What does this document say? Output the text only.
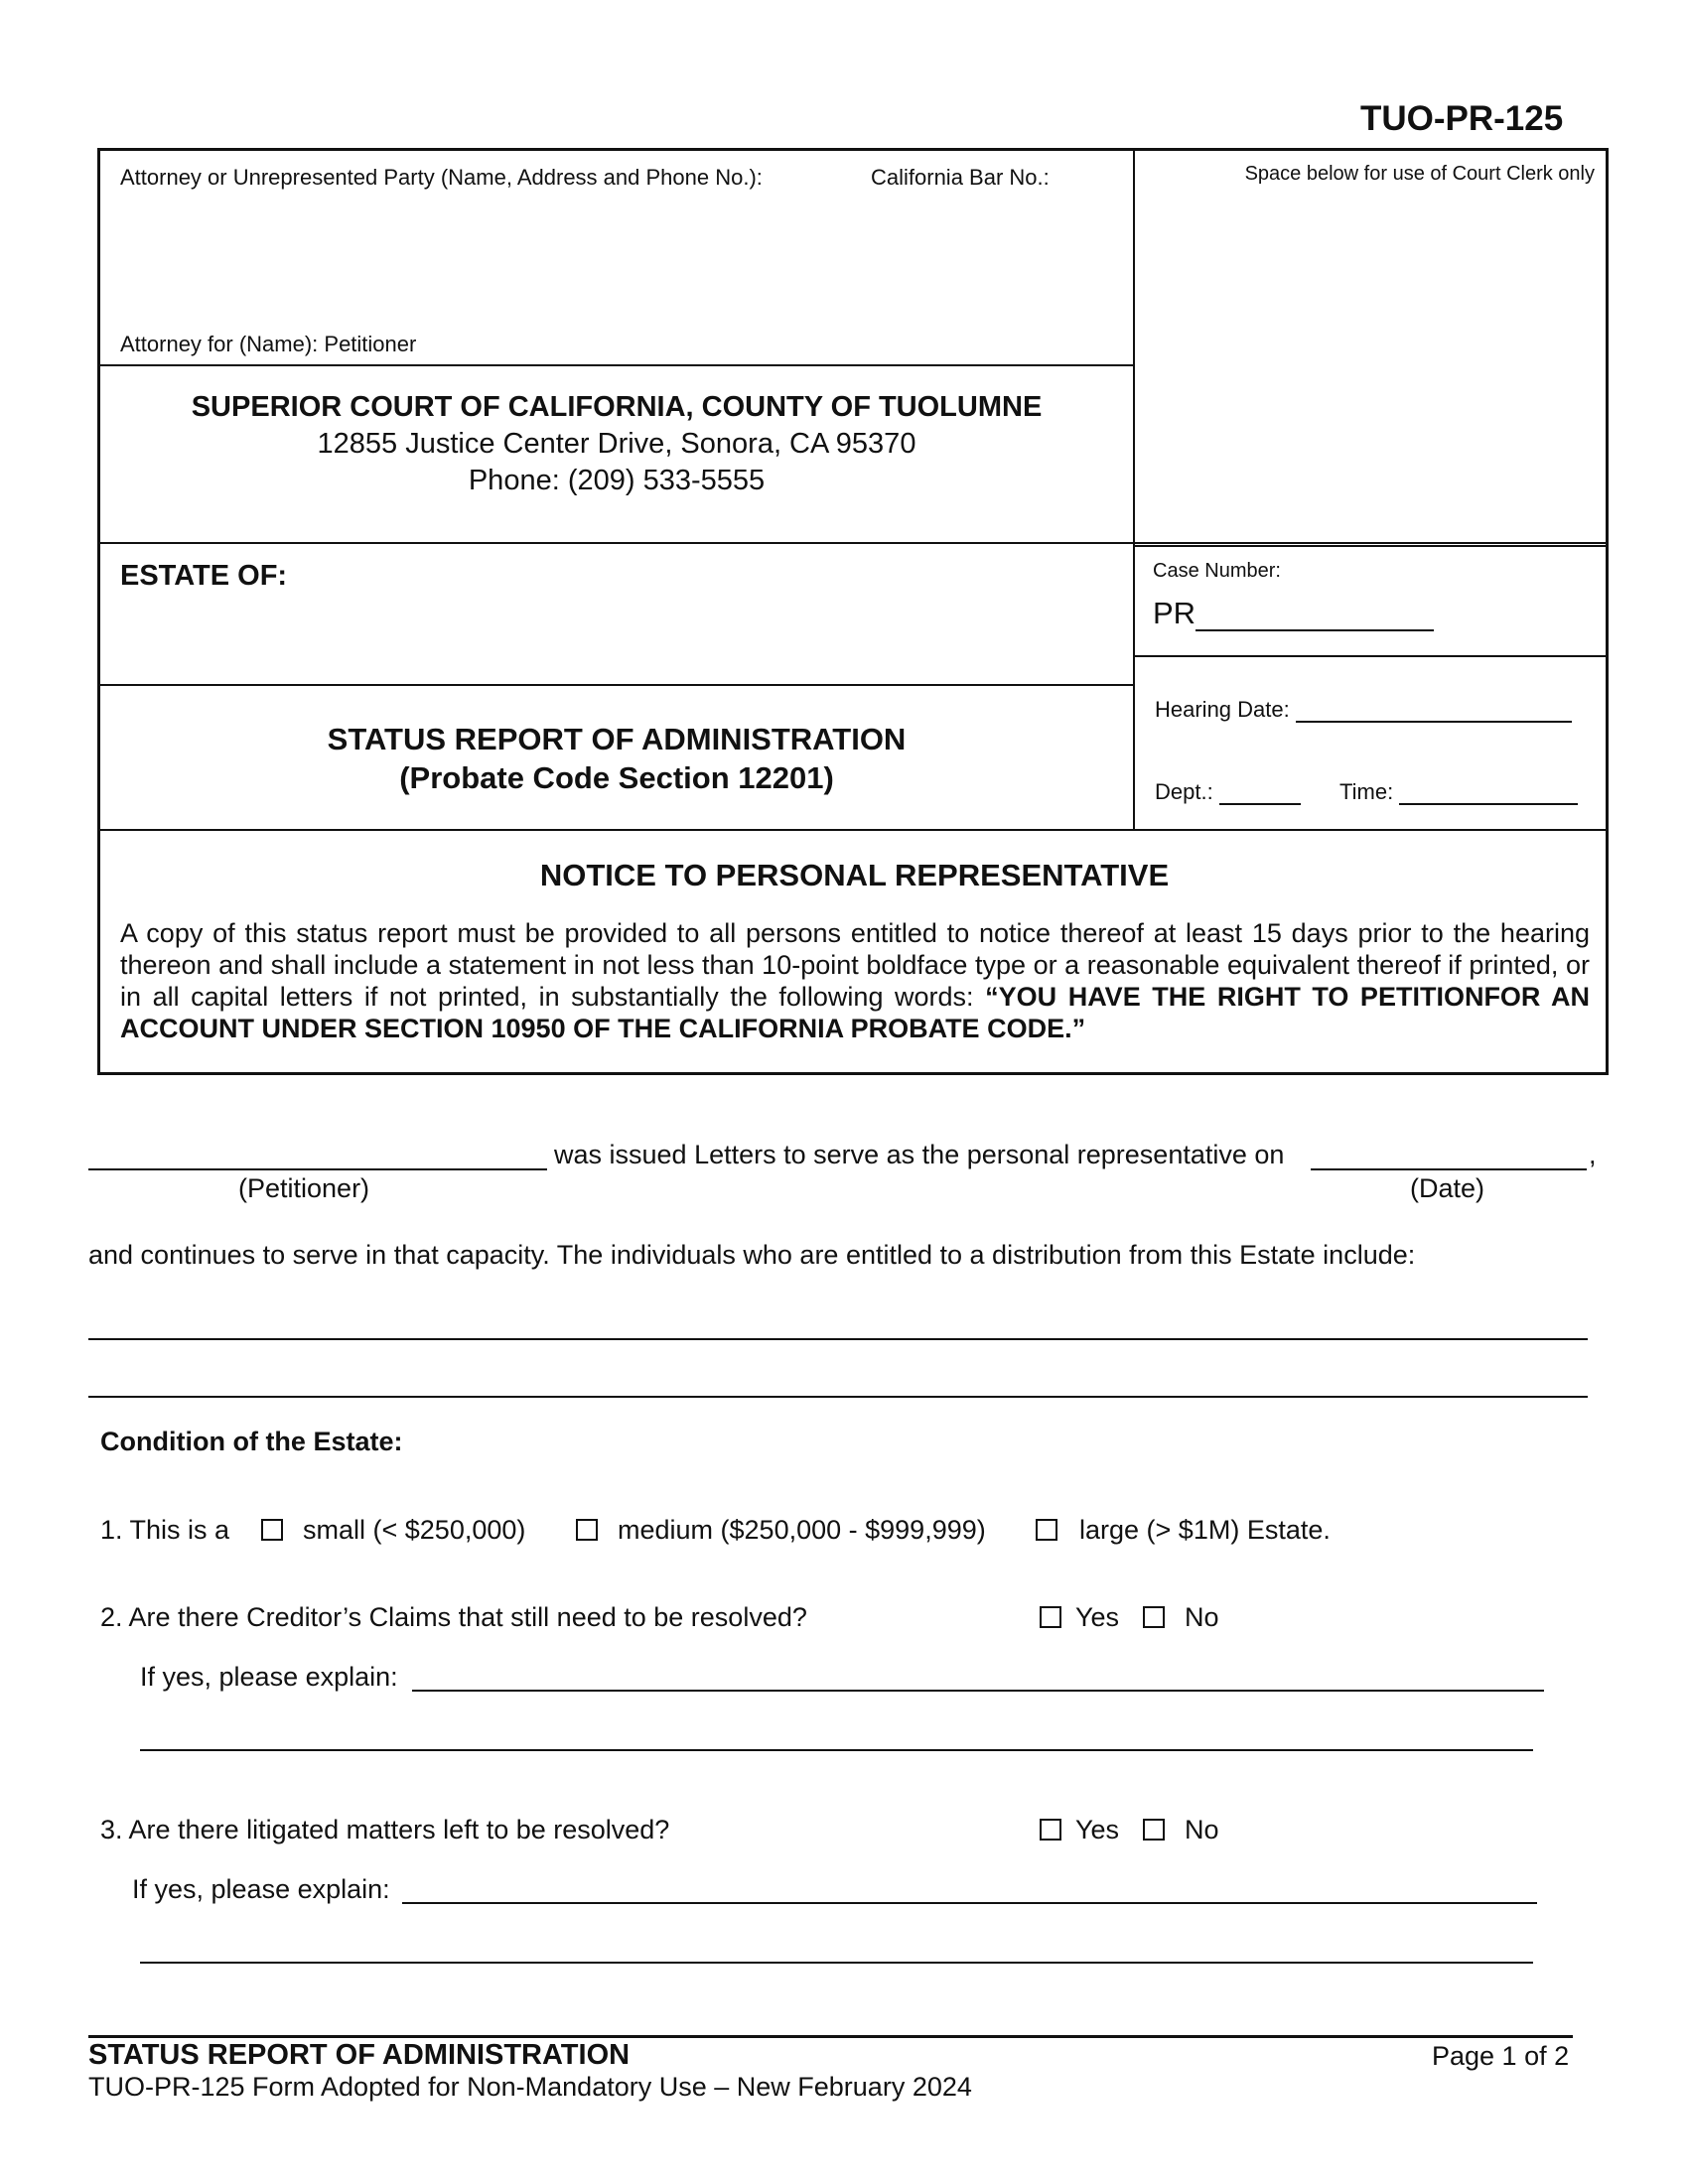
TUO-PR-125
Attorney or Unrepresented Party (Name, Address and Phone No.):	California Bar No.:
Attorney for (Name): Petitioner
Space below for use of Court Clerk only
SUPERIOR COURT OF CALIFORNIA, COUNTY OF TUOLUMNE
12855 Justice Center Drive, Sonora, CA 95370
Phone: (209) 533-5555
ESTATE OF:	Case Number:
PR
STATUS REPORT OF ADMINISTRATION
(Probate Code Section 12201)
Hearing Date:
Dept.:	Time:
NOTICE TO PERSONAL REPRESENTATIVE
A copy of this status report must be provided to all persons entitled to notice thereof at least 15 days prior to the hearing thereon and shall include a statement in not less than 10-point boldface type or a reasonable equivalent thereof if printed, or in all capital letters if not printed, in substantially the following words: “YOU HAVE THE RIGHT TO PETITIONFOR AN ACCOUNT UNDER SECTION 10950 OF THE CALIFORNIA PROBATE CODE.”
was issued Letters to serve as the personal representative on	,
(Petitioner)	(Date)
and continues to serve in that capacity. The individuals who are entitled to a distribution from this Estate include:
Condition of the Estate:
1. This is a	small (< $250,000)	medium ($250,000 - $999,999)	large (> $1M) Estate.
2. Are there Creditor’s Claims that still need to be resolved?	Yes No
If yes, please explain:
3. Are there litigated matters left to be resolved?	Yes No
If yes, please explain:
STATUS REPORT OF ADMINISTRATION	Page 1 of 2
TUO-PR-125 Form Adopted for Non-Mandatory Use – New February 2024
